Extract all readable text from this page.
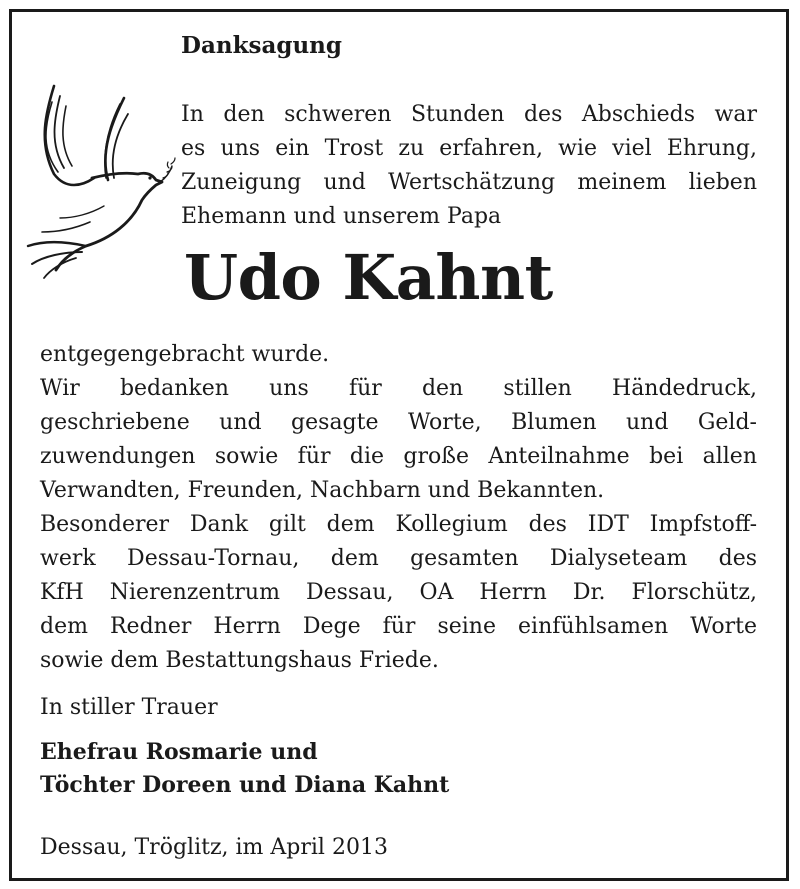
Danksagung
In den schweren Stunden des Abschieds war
es uns ein Trost zu erfahren, wie viel Ehrung,
Zuneigung und Wertschätzung meinem lieben
Ehemann und unserem Papa
Udo Kahnt
entgegengebracht wurde.
Wir bedanken uns für den stillen Händedruck,
geschriebene und gesagte Worte, Blumen und Geld-
zuwendungen sowie für die große Anteilnahme bei allen
Verwandten, Freunden, Nachbarn und Bekannten.
Besonderer Dank gilt dem Kollegium des IDT Impfstoff-
werk Dessau-Tornau, dem gesamten Dialyseteam des
KfH Nierenzentrum Dessau, OA Herrn Dr. Florschütz,
dem Redner Herrn Dege für seine einfühlsamen Worte
sowie dem Bestattungshaus Friede.
In stiller Trauer
Ehefrau Rosmarie und
Töchter Doreen und Diana Kahnt
Dessau, Tröglitz, im April 2013
